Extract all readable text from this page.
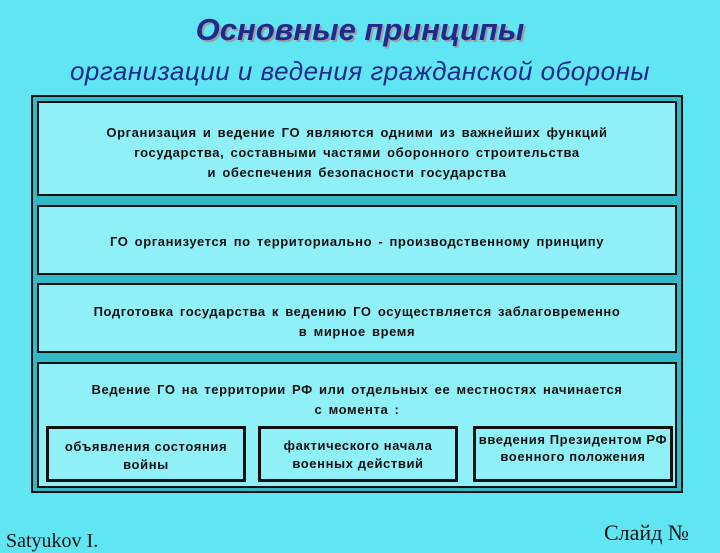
Основные принципы
организации и ведения гражданской обороны
Организация и ведение ГО являются одними из важнейших функций
государства, составными частями оборонного строительства
и обеспечения безопасности государства
ГО организуется по территориально - производственному принципу
Подготовка государства к ведению ГО осуществляется заблаговременно
в мирное время
Ведение ГО на территории РФ или отдельных ее местностях начинается
с момента :
объявления состояния войны
фактического начала военных действий
введения Президентом РФ военного положения
Satyukov I.	Слайд №
